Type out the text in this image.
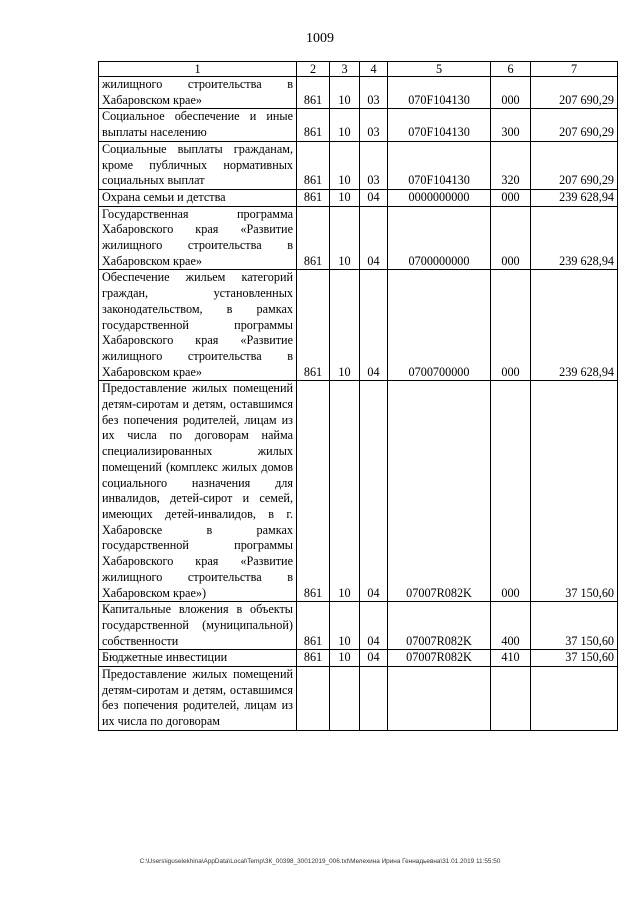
1009
1	2	3	4	5	6	7
жилищного строительства в Хабаровском крае»	861	10	03	070F104130	000	207 690,29
Социальное обеспечение и иные выплаты населению	861	10	03	070F104130	300	207 690,29
Социальные выплаты гражданам, кроме публичных нормативных социальных выплат	861	10	03	070F104130	320	207 690,29
Охрана семьи и детства	861	10	04	0000000000	000	239 628,94
Государственная программа Хабаровского края «Развитие жилищного строительства в Хабаровском крае»	861	10	04	0700000000	000	239 628,94
Обеспечение жильем категорий граждан, установленных законодательством, в рамках государственной программы Хабаровского края «Развитие жилищного строительства в Хабаровском крае»	861	10	04	0700700000	000	239 628,94
Предоставление жилых помещений детям-сиротам и детям, оставшимся без попечения родителей, лицам из их числа по договорам найма специализированных жилых помещений (комплекс жилых домов социального назначения для инвалидов, детей-сирот и семей, имеющих детей-инвалидов, в г. Хабаровске в рамках государственной программы Хабаровского края «Развитие жилищного строительства в Хабаровском крае»)	861	10	04	07007R082K	000	37 150,60
Капитальные вложения в объекты государственной (муниципальной) собственности	861	10	04	07007R082K	400	37 150,60
Бюджетные инвестиции	861	10	04	07007R082K	410	37 150,60
Предоставление жилых помещений детям-сиротам и детям, оставшимся без попечения родителей, лицам из их числа по договорам						
C:\Users\iguselekhina\AppData\Local\Temp\ЗК_00398_30012019_006.txt\Мелехина Ирина Геннадьевна\31.01.2019 11:55:50
